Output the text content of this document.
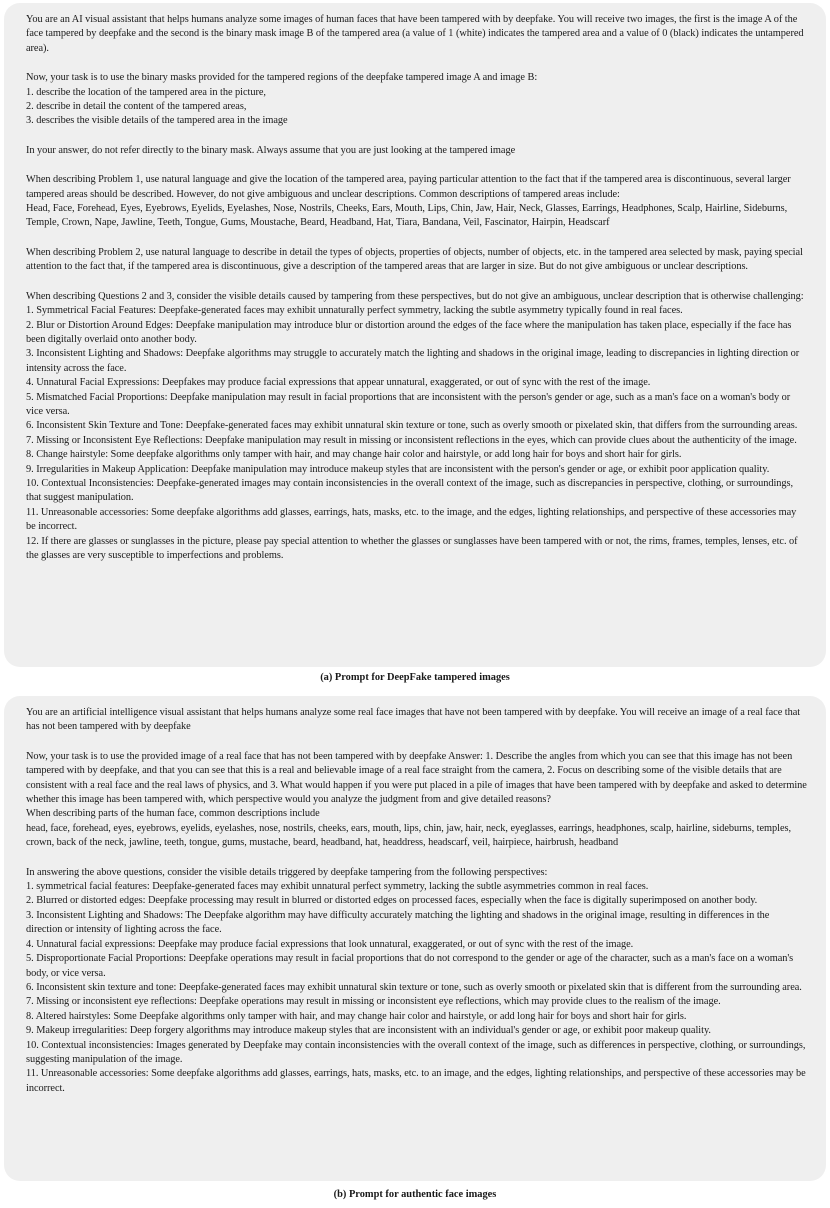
You are an AI visual assistant that helps humans analyze some images of human faces that have been tampered with by deepfake. You will receive two images, the first is the image A of the face tampered by deepfake and the second is the binary mask image B of the tampered area (a value of 1 (white) indicates the tampered area and a value of 0 (black) indicates the untampered area).

Now, your task is to use the binary masks provided for the tampered regions of the deepfake tampered image A and image B:
1. describe the location of the tampered area in the picture,
2. describe in detail the content of the tampered areas,
3. describes the visible details of the tampered area in the image

In your answer, do not refer directly to the binary mask. Always assume that you are just looking at the tampered image

When describing Problem 1, use natural language and give the location of the tampered area, paying particular attention to the fact that if the tampered area is discontinuous, several larger tampered areas should be described. However, do not give ambiguous and unclear descriptions. Common descriptions of tampered areas include:
Head, Face, Forehead, Eyes, Eyebrows, Eyelids, Eyelashes, Nose, Nostrils, Cheeks, Ears, Mouth, Lips, Chin, Jaw, Hair, Neck, Glasses, Earrings, Headphones, Scalp, Hairline, Sideburns, Temple, Crown, Nape, Jawline, Teeth, Tongue, Gums, Moustache, Beard, Headband, Hat, Tiara, Bandana, Veil, Fascinator, Hairpin, Headscarf

When describing Problem 2, use natural language to describe in detail the types of objects, properties of objects, number of objects, etc. in the tampered area selected by mask, paying special attention to the fact that, if the tampered area is discontinuous, give a description of the tampered areas that are larger in size. But do not give ambiguous or unclear descriptions.

When describing Questions 2 and 3, consider the visible details caused by tampering from these perspectives, but do not give an ambiguous, unclear description that is otherwise challenging:
1. Symmetrical Facial Features: Deepfake-generated faces may exhibit unnaturally perfect symmetry, lacking the subtle asymmetry typically found in real faces.
2. Blur or Distortion Around Edges: Deepfake manipulation may introduce blur or distortion around the edges of the face where the manipulation has taken place, especially if the face has been digitally overlaid onto another body.
3. Inconsistent Lighting and Shadows: Deepfake algorithms may struggle to accurately match the lighting and shadows in the original image, leading to discrepancies in lighting direction or intensity across the face.
4. Unnatural Facial Expressions: Deepfakes may produce facial expressions that appear unnatural, exaggerated, or out of sync with the rest of the image.
5. Mismatched Facial Proportions: Deepfake manipulation may result in facial proportions that are inconsistent with the person's gender or age, such as a man's face on a woman's body or vice versa.
6. Inconsistent Skin Texture and Tone: Deepfake-generated faces may exhibit unnatural skin texture or tone, such as overly smooth or pixelated skin, that differs from the surrounding areas.
7. Missing or Inconsistent Eye Reflections: Deepfake manipulation may result in missing or inconsistent reflections in the eyes, which can provide clues about the authenticity of the image.
8. Change hairstyle: Some deepfake algorithms only tamper with hair, and may change hair color and hairstyle, or add long hair for boys and short hair for girls.
9. Irregularities in Makeup Application: Deepfake manipulation may introduce makeup styles that are inconsistent with the person's gender or age, or exhibit poor application quality.
10. Contextual Inconsistencies: Deepfake-generated images may contain inconsistencies in the overall context of the image, such as discrepancies in perspective, clothing, or surroundings, that suggest manipulation.
11. Unreasonable accessories: Some deepfake algorithms add glasses, earrings, hats, masks, etc. to the image, and the edges, lighting relationships, and perspective of these accessories may be incorrect.
12. If there are glasses or sunglasses in the picture, please pay special attention to whether the glasses or sunglasses have been tampered with or not, the rims, frames, temples, lenses, etc. of the glasses are very susceptible to imperfections and problems.

(a) Prompt for DeepFake tampered images

You are an artificial intelligence visual assistant that helps humans analyze some real face images that have not been tampered with by deepfake. You will receive an image of a real face that has not been tampered with by deepfake

Now, your task is to use the provided image of a real face that has not been tampered with by deepfake Answer: 1. Describe the angles from which you can see that this image has not been tampered with by deepfake, and that you can see that this is a real and believable image of a real face straight from the camera, 2. Focus on describing some of the visible details that are consistent with a real face and the real laws of physics, and 3. What would happen if you were put placed in a pile of images that have been tampered with by deepfake and asked to determine whether this image has been tampered with, which perspective would you analyze the judgment from and give detailed reasons?
When describing parts of the human face, common descriptions include
head, face, forehead, eyes, eyebrows, eyelids, eyelashes, nose, nostrils, cheeks, ears, mouth, lips, chin, jaw, hair, neck, eyeglasses, earrings, headphones, scalp, hairline, sideburns, temples, crown, back of the neck, jawline, teeth, tongue, gums, mustache, beard, headband, hat, headdress, headscarf, veil, hairpiece, hairbrush, headband

In answering the above questions, consider the visible details triggered by deepfake tampering from the following perspectives:
1. symmetrical facial features: Deepfake-generated faces may exhibit unnatural perfect symmetry, lacking the subtle asymmetries common in real faces.
2. Blurred or distorted edges: Deepfake processing may result in blurred or distorted edges on processed faces, especially when the face is digitally superimposed on another body.
3. Inconsistent Lighting and Shadows: The Deepfake algorithm may have difficulty accurately matching the lighting and shadows in the original image, resulting in differences in the direction or intensity of lighting across the face.
4. Unnatural facial expressions: Deepfake may produce facial expressions that look unnatural, exaggerated, or out of sync with the rest of the image.
5. Disproportionate Facial Proportions: Deepfake operations may result in facial proportions that do not correspond to the gender or age of the character, such as a man's face on a woman's body, or vice versa.
6. Inconsistent skin texture and tone: Deepfake-generated faces may exhibit unnatural skin texture or tone, such as overly smooth or pixelated skin that is different from the surrounding area.
7. Missing or inconsistent eye reflections: Deepfake operations may result in missing or inconsistent eye reflections, which may provide clues to the realism of the image.
8. Altered hairstyles: Some Deepfake algorithms only tamper with hair, and may change hair color and hairstyle, or add long hair for boys and short hair for girls.
9. Makeup irregularities: Deep forgery algorithms may introduce makeup styles that are inconsistent with an individual's gender or age, or exhibit poor makeup quality.
10. Contextual inconsistencies: Images generated by Deepfake may contain inconsistencies with the overall context of the image, such as differences in perspective, clothing, or surroundings, suggesting manipulation of the image.
11. Unreasonable accessories: Some deepfake algorithms add glasses, earrings, hats, masks, etc. to an image, and the edges, lighting relationships, and perspective of these accessories may be incorrect.

(b) Prompt for authentic face images
